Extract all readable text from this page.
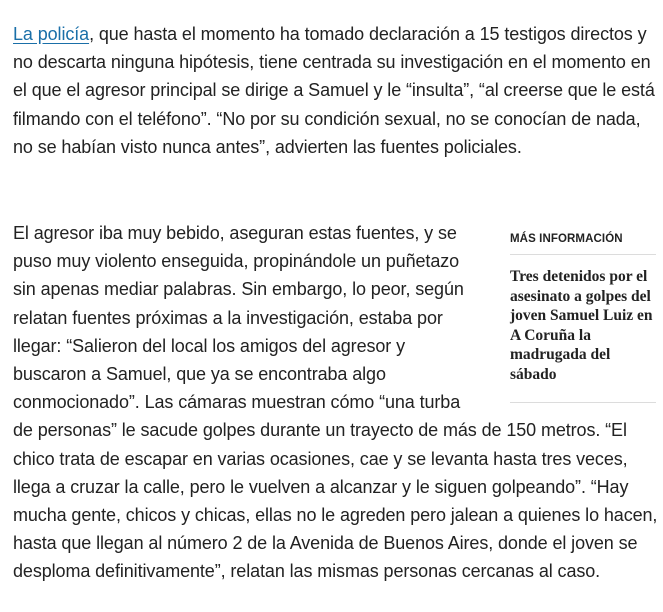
La policía, que hasta el momento ha tomado declaración a 15 testigos directos y no descarta ninguna hipótesis, tiene centrada su investigación en el momento en el que el agresor principal se dirige a Samuel y le “insulta”, “al creerse que le está filmando con el teléfono”. “No por su condición sexual, no se conocían de nada, no se habían visto nunca antes”, advierten las fuentes policiales.

El agresor iba muy bebido, aseguran estas fuentes, y se puso muy violento enseguida, propinándole un puñetazo sin apenas mediar palabras. Sin embargo, lo peor, según relatan fuentes próximas a la investigación, estaba por llegar: “Salieron del local los amigos del agresor y buscaron a Samuel, que ya se encontraba algo conmocionado”. Las cámaras muestran cómo “una turba de personas” le sacude golpes durante un trayecto de más de 150 metros. “El chico trata de escapar en varias ocasiones, cae y se levanta hasta tres veces, llega a cruzar la calle, pero le vuelven a alcanzar y le siguen golpeando”. “Hay mucha gente, chicos y chicas, ellas no le agreden pero jalean a quienes lo hacen, hasta que llegan al número 2 de la Avenida de Buenos Aires, donde el joven se desploma definitivamente”, relatan las mismas personas cercanas al caso.

MÁS INFORMACIÓN
Tres detenidos por el asesinato a golpes del joven Samuel Luiz en A Coruña la madrugada del sábado
